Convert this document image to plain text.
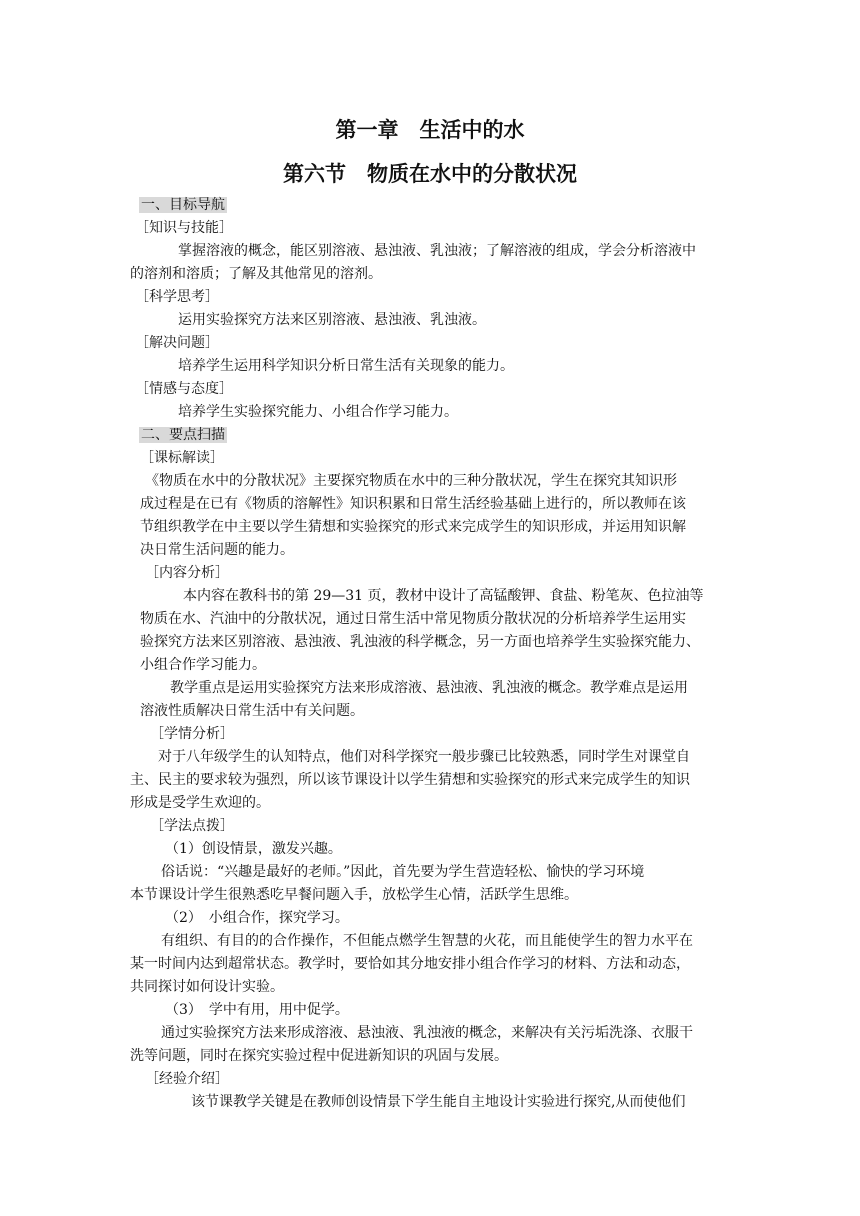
第一章　生活中的水
第六节　物质在水中的分散状况
一、目标导航
［知识与技能］
掌握溶液的概念，能区别溶液、悬浊液、乳浊液；了解溶液的组成，学会分析溶液中
的溶剂和溶质；了解及其他常见的溶剂。
［科学思考］
运用实验探究方法来区别溶液、悬浊液、乳浊液。
［解决问题］
培养学生运用科学知识分析日常生活有关现象的能力。
［情感与态度］
培养学生实验探究能力、小组合作学习能力。
二、要点扫描
［课标解读］
《物质在水中的分散状况》主要探究物质在水中的三种分散状况，学生在探究其知识形
成过程是在已有《物质的溶解性》知识积累和日常生活经验基础上进行的，所以教师在该
节组织教学在中主要以学生猜想和实验探究的形式来完成学生的知识形成，并运用知识解
决日常生活问题的能力。
［内容分析］
本内容在教科书的第 29—31 页，教材中设计了高锰酸钾、食盐、粉笔灰、色拉油等
物质在水、汽油中的分散状况，通过日常生活中常见物质分散状况的分析培养学生运用实
验探究方法来区别溶液、悬浊液、乳浊液的科学概念，另一方面也培养学生实验探究能力、
小组合作学习能力。
教学重点是运用实验探究方法来形成溶液、悬浊液、乳浊液的概念。教学难点是运用
溶液性质解决日常生活中有关问题。
［学情分析］
对于八年级学生的认知特点，他们对科学探究一般步骤已比较熟悉，同时学生对课堂自
主、民主的要求较为强烈，所以该节课设计以学生猜想和实验探究的形式来完成学生的知识
形成是受学生欢迎的。
［学法点拨］
（1）创设情景，激发兴趣。
俗话说：“兴趣是最好的老师。”因此，首先要为学生营造轻松、愉快的学习环境
本节课设计学生很熟悉吃早餐问题入手，放松学生心情，活跃学生思维。
（2）　小组合作，探究学习。
有组织、有目的的合作操作，不但能点燃学生智慧的火花，而且能使学生的智力水平在
某一时间内达到超常状态。教学时，要恰如其分地安排小组合作学习的材料、方法和动态，
共同探讨如何设计实验。
（3）　学中有用，用中促学。
通过实验探究方法来形成溶液、悬浊液、乳浊液的概念，来解决有关污垢洗涤、衣服干
洗等问题，同时在探究实验过程中促进新知识的巩固与发展。
［经验介绍］
该节课教学关键是在教师创设情景下学生能自主地设计实验进行探究,从而使他们
